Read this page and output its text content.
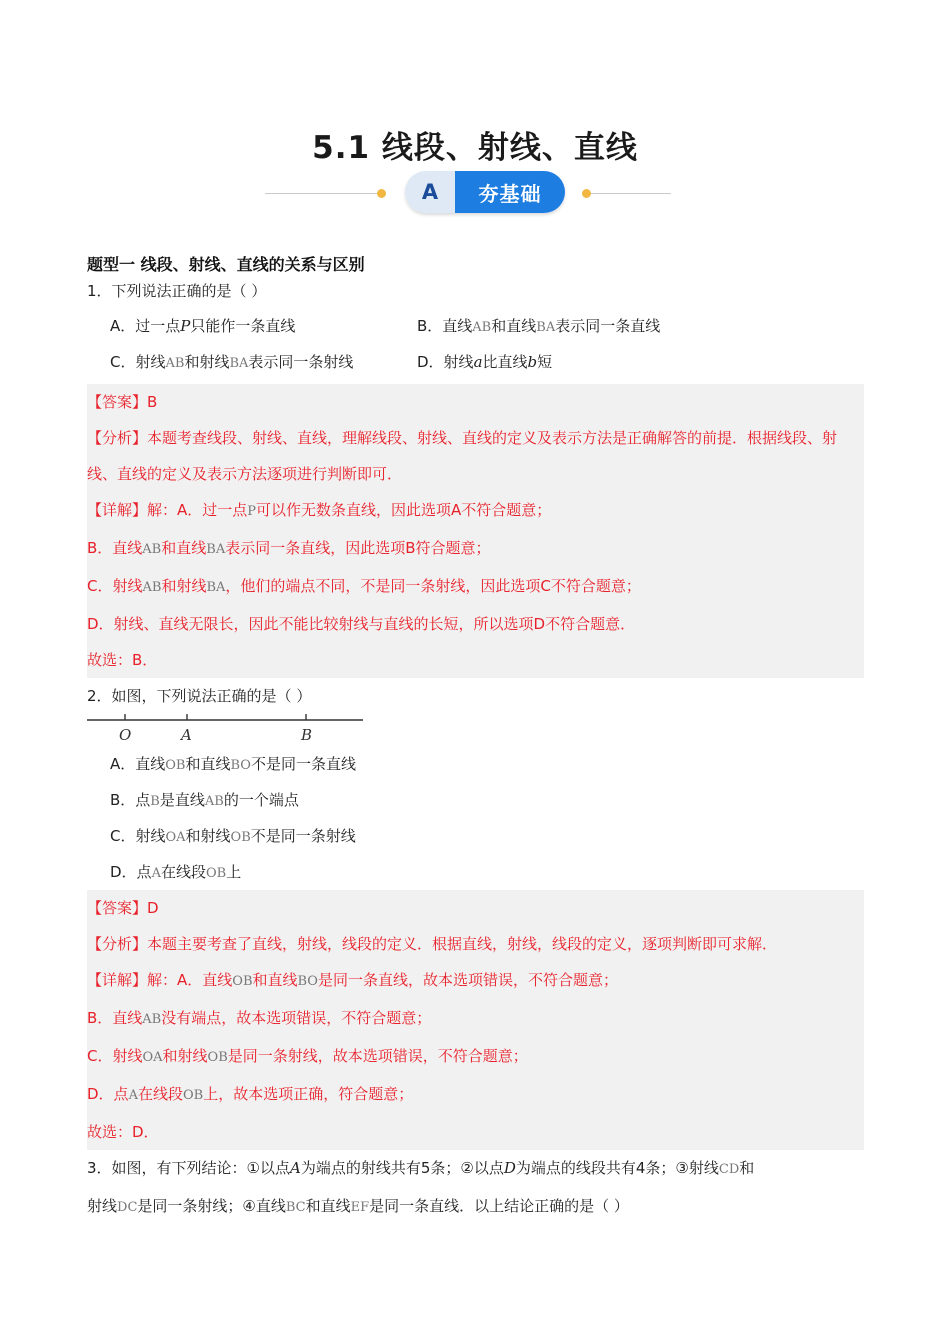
5.1 线段、射线、直线
A	夯基础
题型一 线段、射线、直线的关系与区别
1．下列说法正确的是（ ）
A．过一点P只能作一条直线	B．直线AB和直线BA表示同一条直线
C．射线AB和射线BA表示同一条射线	D．射线a比直线b短

【答案】B

【分析】本题考查线段、射线、直线，理解线段、射线、直线的定义及表示方法是正确解答的前提．根据线段、射线、直线的定义及表示方法逐项进行判断即可．

【详解】解：A．过一点P可以作无数条直线，因此选项A不符合题意；

B．直线AB和直线BA表示同一条直线，因此选项B符合题意；

C．射线AB和射线BA，他们的端点不同，不是同一条射线，因此选项C不符合题意；

D．射线、直线无限长，因此不能比较射线与直线的长短，所以选项D不符合题意．

故选：B．

2．如图，下列说法正确的是（ ）
O	A	B
A．直线OB和直线BO不是同一条直线
B．点B是直线AB的一个端点
C．射线OA和射线OB不是同一条射线
D．点A在线段OB上

【答案】D

【分析】本题主要考查了直线，射线，线段的定义．根据直线，射线，线段的定义，逐项判断即可求解．

【详解】解：A．直线OB和直线BO是同一条直线，故本选项错误，不符合题意；

B．直线AB没有端点，故本选项错误，不符合题意；

C．射线OA和射线OB是同一条射线，故本选项错误，不符合题意；

D．点A在线段OB上，故本选项正确，符合题意；

故选：D．

3．如图，有下列结论：①以点A为端点的射线共有5条；②以点D为端点的线段共有4条；③射线CD和
射线DC是同一条射线；④直线BC和直线EF是同一条直线．以上结论正确的是（ ）
